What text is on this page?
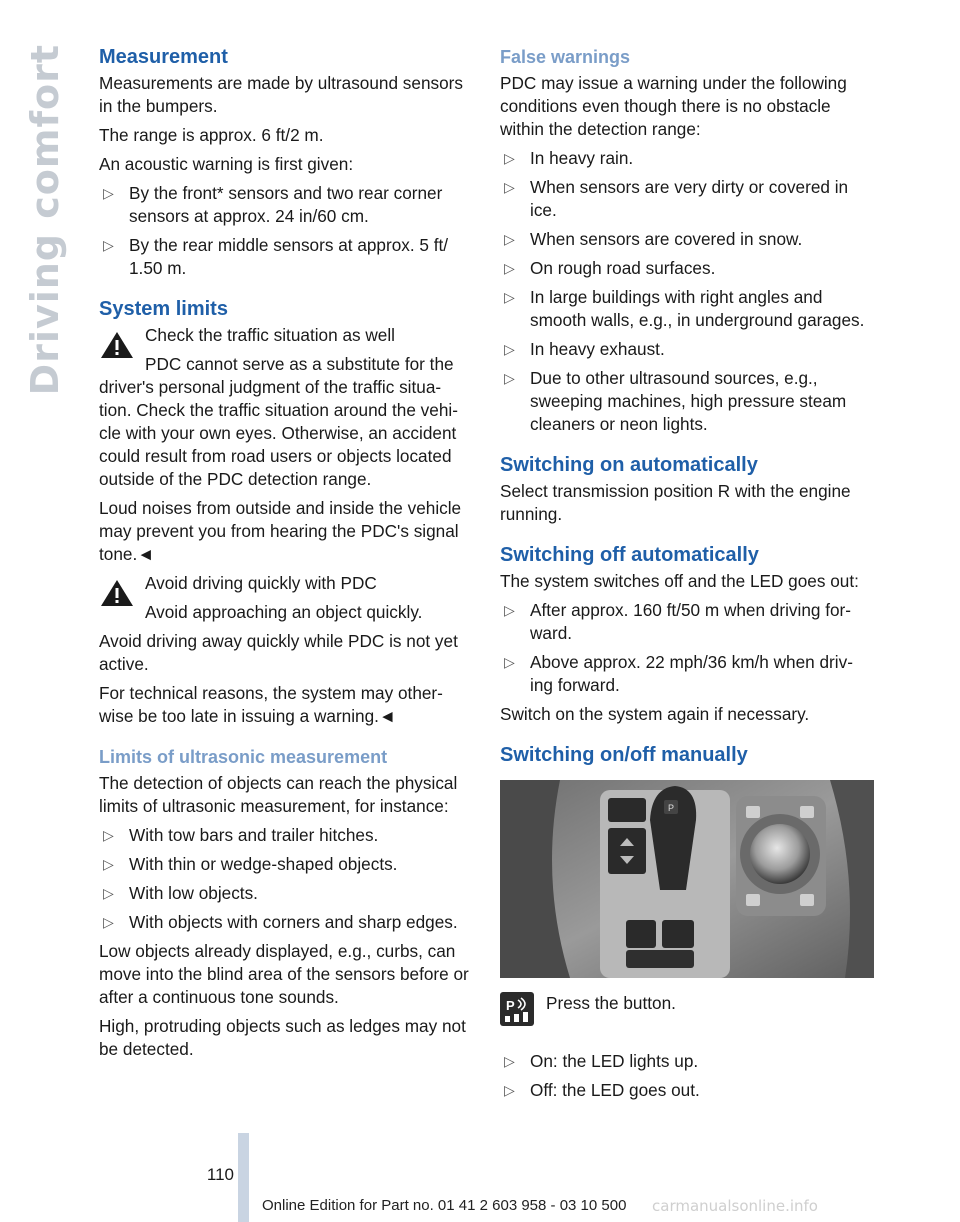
Driving comfort Measurement

Measurements are made by ultrasound sensors in the bumpers.

The range is approx. 6 ft/2 m.

An acoustic warning is first given:

▷ By the front* sensors and two rear corner sensors at approx. 24 in/60 cm.
▷ By the rear middle sensors at approx. 5 ft/ 1.50 m.
System limits

Check the traffic situation as well

PDC cannot serve as a substitute for the driver's personal judgment of the traffic situa-tion. Check the traffic situation around the vehi-cle with your own eyes. Otherwise, an accident could result from road users or objects located outside of the PDC detection range.

Loud noises from outside and inside the vehicle may prevent you from hearing the PDC's signal tone.◄

Avoid driving quickly with PDC

Avoid approaching an object quickly.

Avoid driving away quickly while PDC is not yet active.

For technical reasons, the system may other-wise be too late in issuing a warning.◄

Limits of ultrasonic measurement

The detection of objects can reach the physical limits of ultrasonic measurement, for instance:

▷ With tow bars and trailer hitches.
▷ With thin or wedge-shaped objects.
▷ With low objects.
▷ With objects with corners and sharp edges.

Low objects already displayed, e.g., curbs, can move into the blind area of the sensors before or after a continuous tone sounds.

High, protruding objects such as ledges may not be detected.

False warnings

PDC may issue a warning under the following conditions even though there is no obstacle within the detection range:

▷ In heavy rain.
▷ When sensors are very dirty or covered in ice.
▷ When sensors are covered in snow.
▷ On rough road surfaces.
▷ In large buildings with right angles and smooth walls, e.g., in underground garages.
▷ In heavy exhaust.
▷ Due to other ultrasound sources, e.g., sweeping machines, high pressure steam cleaners or neon lights.
Switching on automatically

Select transmission position R with the engine running.

Switching off automatically

The system switches off and the LED goes out:

▷ After approx. 160 ft/50 m when driving for-ward.
▷ Above approx. 22 mph/36 km/h when driv-ing forward.

Switch on the system again if necessary.

Switching on/off manually
P
P Press the button.

▷ On: the LED lights up.
▷ Off: the LED goes out.
110
Online Edition for Part no. 01 41 2 603 958 - 03 10 500 carmanualsonline.info
